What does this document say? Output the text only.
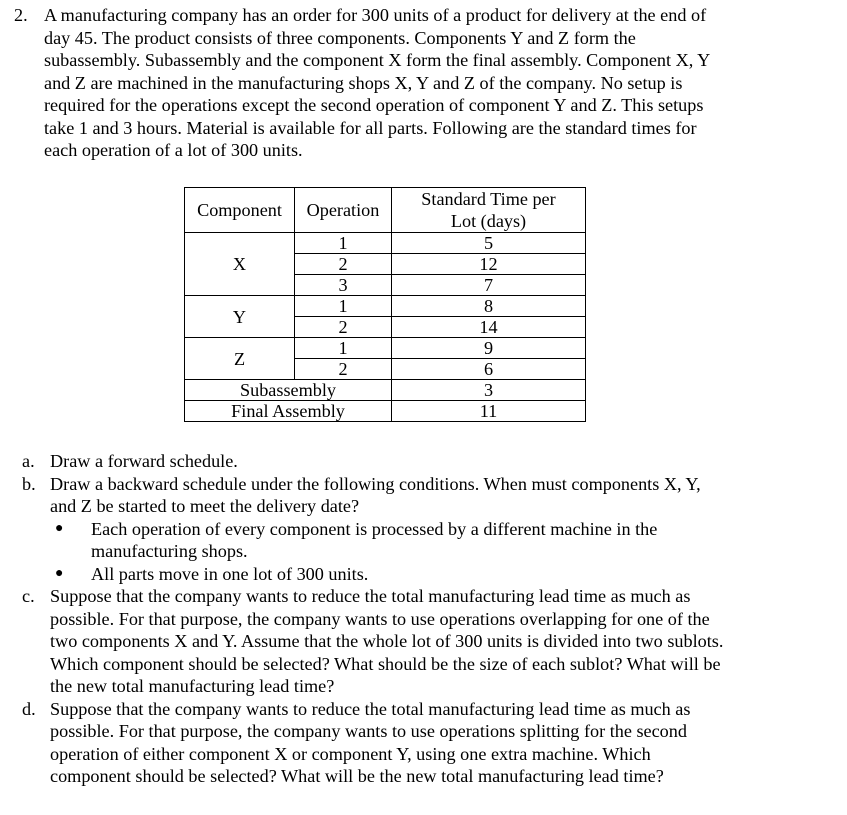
2. A manufacturing company has an order for 300 units of a product for delivery at the end of
day 45. The product consists of three components. Components Y and Z form the
subassembly. Subassembly and the component X form the final assembly. Component X, Y
and Z are machined in the manufacturing shops X, Y and Z of the company. No setup is
required for the operations except the second operation of component Y and Z. This setups
take 1 and 3 hours. Material is available for all parts. Following are the standard times for
each operation of a lot of 300 units.
Component	Operation	Standard Time per
Lot (days)

X	1	5
	2	12
	3	7
Y	1	8
	2	14
Z	1	9
	2	6
Subassembly		3
Final Assembly		11
a. Draw a forward schedule.
b. Draw a backward schedule under the following conditions. When must components X, Y,
and Z be started to meet the delivery date?
●	Each operation of every component is processed by a different machine in the
manufacturing shops.
●	All parts move in one lot of 300 units.
c. Suppose that the company wants to reduce the total manufacturing lead time as much as
possible. For that purpose, the company wants to use operations overlapping for one of the
two components X and Y. Assume that the whole lot of 300 units is divided into two sublots.
Which component should be selected? What should be the size of each sublot? What will be
the new total manufacturing lead time?
d. Suppose that the company wants to reduce the total manufacturing lead time as much as
possible. For that purpose, the company wants to use operations splitting for the second
operation of either component X or component Y, using one extra machine. Which
component should be selected? What will be the new total manufacturing lead time?
